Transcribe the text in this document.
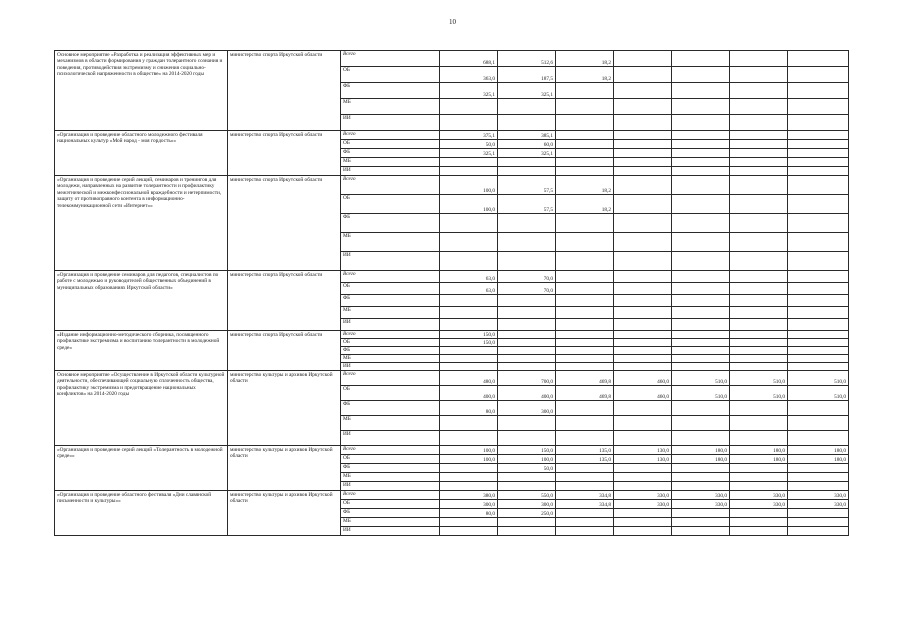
10
Основное мероприятие «Разработка и реализация эффективных мер и механизмов в области формирования у граждан толерантного сознания и поведения, противодействия экстремизму и снижения социально-психологической напряженности в обществе» на 2014-2020 годы	министерство спорта Иркутской области	Всего	688,1	512,6	18,2				
		ОБ	363,0	187,5	18,2				
		ФБ	325,1	325,1					
		МБ							
		ИИ							
«Организация и проведение областного молодежного фестиваля национальных культур «Мой народ - моя гордость»»	министерство спорта Иркутской области	Всего	375,1	385,1					
		ОБ	50,0	60,0					
		ФБ	325,1	325,1					
		МБ							
		ИИ							
«Организация и проведение серий лекций, семинаров и тренингов для молодежи, направленных на развитие толерантности и профилактику межэтнической и межконфессиональной враждебности и нетерпимости, защиту от противоправного контента в информационно-телекоммуникационной сети «Интернет»»	министерство спорта Иркутской области	Всего	100,0	57,5	18,2				
		ОБ	100,0	57,5	18,2				
		ФБ							
		МБ							
		ИИ							
«Организация и проведение семинаров для педагогов, специалистов по работе с молодежью и руководителей общественных объединений в муниципальных образованиях Иркутской области»	министерство спорта Иркутской области	Всего	63,0	70,0					
		ОБ	63,0	70,0					
		ФБ							
		МБ							
		ИИ							
«Издание информационно-методического сборника, посвященного профилактике экстремизма и воспитанию толерантности в молодежной среде»	министерство спорта Иркутской области	Всего	150,0						
		ОБ	150,0						
		ФБ							
		МБ							
		ИИ							
Основное мероприятие «Осуществление в Иркутской области культурной деятельности, обеспечивающей социальную сплоченность общества, профилактику экстремизма и предотвращение национальных конфликтов» на 2014-2020 годы	министерство культуры и архивов Иркутской области	Всего	480,0	700,0	469,8	460,0	510,0	510,0	510,0
		ОБ	400,0	400,0	469,8	460,0	510,0	510,0	510,0
		ФБ	80,0	300,0					
		МБ							
		ИИ							
«Организация и проведение серий лекций «Толерантность в молодежной среде»»	министерство культуры и архивов Иркутской области	Всего	100,0	150,0	135,0	130,0	180,0	180,0	180,0
		ОБ	100,0	100,0	135,0	130,0	180,0	180,0	180,0
		ФБ		50,0					
		МБ							
		ИИ							
«Организация и проведение областного фестиваля «Дни славянской письменности и культуры»»	министерство культуры и архивов Иркутской области	Всего	380,0	550,0	334,8	330,0	330,0	330,0	330,0
		ОБ	300,0	300,0	334,8	330,0	330,0	330,0	330,0
		ФБ	80,0	250,0					
		МБ							
		ИИ							
